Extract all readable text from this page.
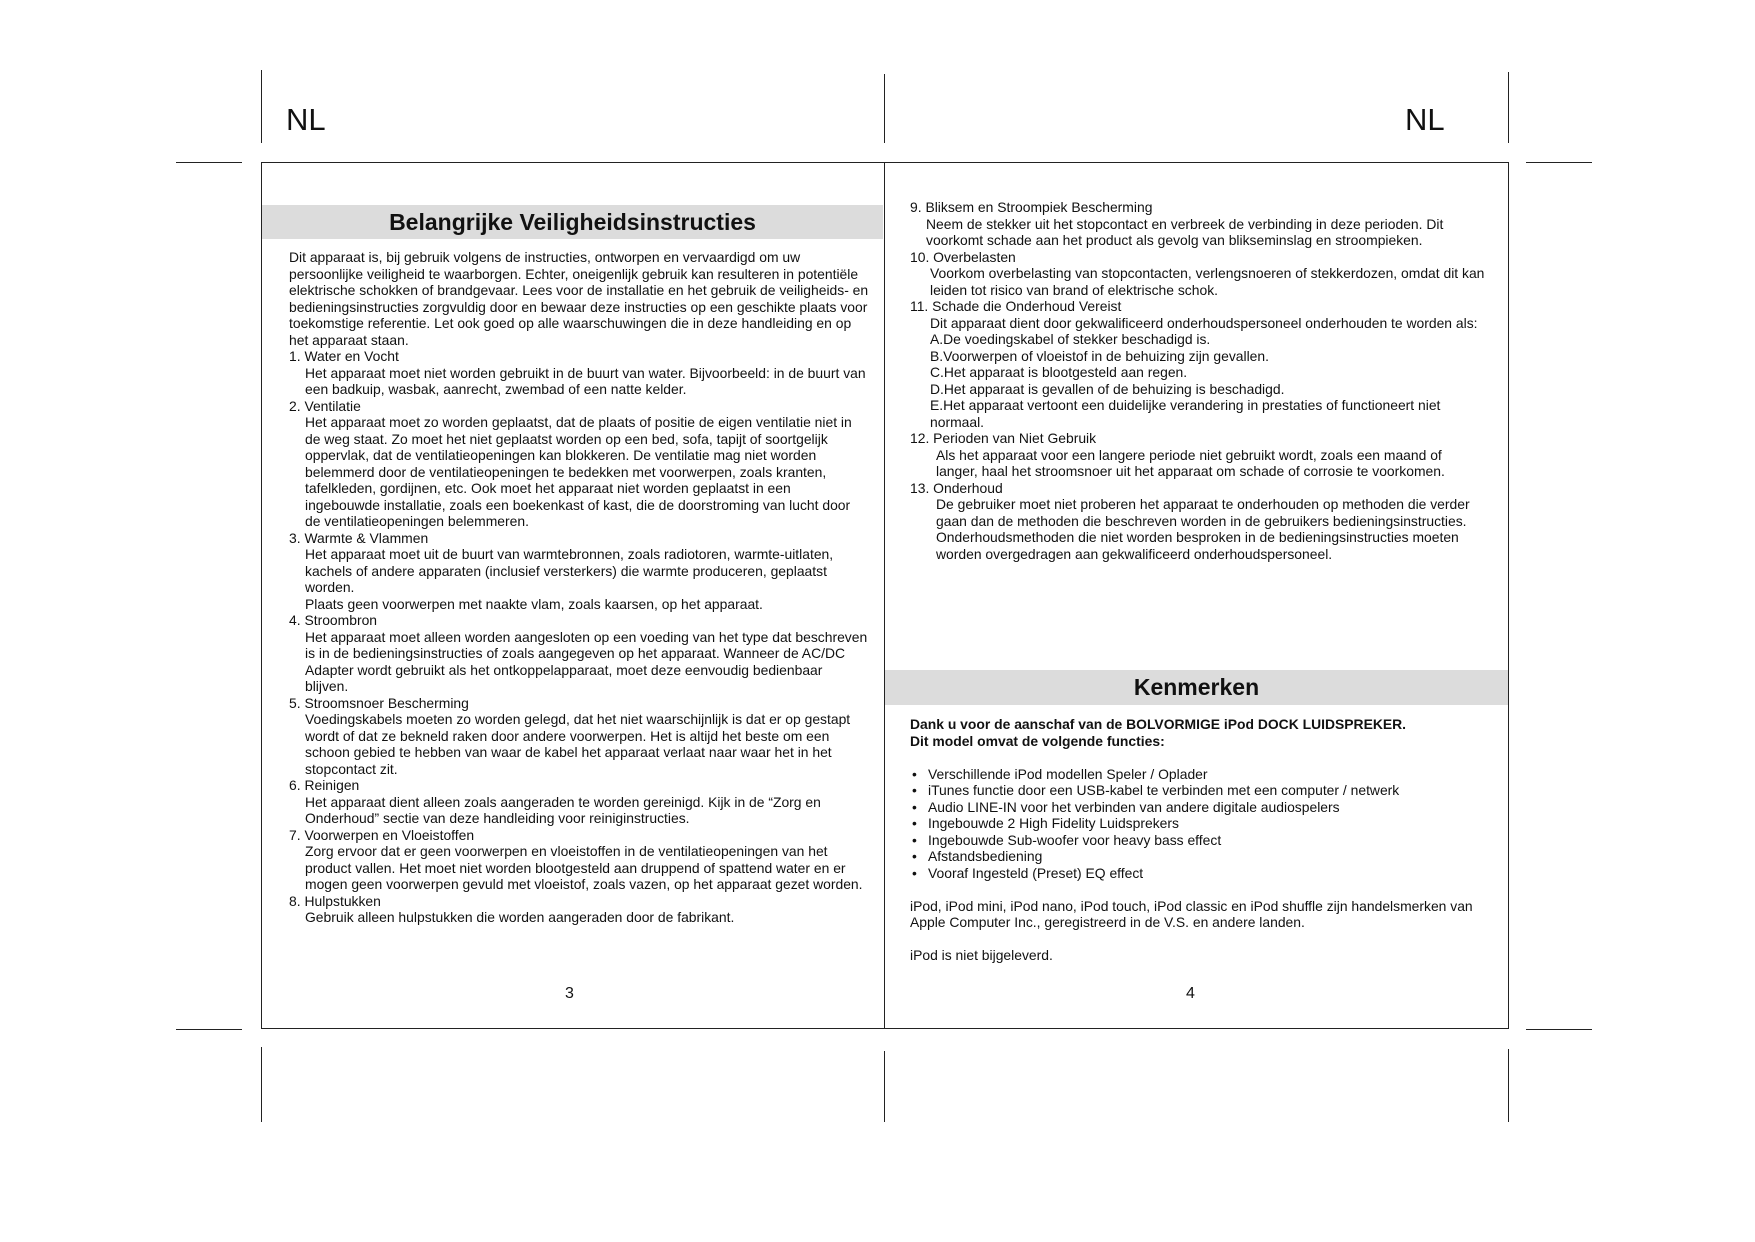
NL	NL
Belangrijke Veiligheidsinstructies

Dit apparaat is, bij gebruik volgens de instructies, ontworpen en vervaardigd om uw persoonlijke veiligheid te waarborgen. Echter, oneigenlijk gebruik kan resulteren in potentiële elektrische schokken of brandgevaar. Lees voor de installatie en het gebruik de veiligheids- en bedieningsinstructies zorgvuldig door en bewaar deze instructies op een geschikte plaats voor toekomstige referentie. Let ook goed op alle waarschuwingen die in deze handleiding en op het apparaat staan.

1. Water en Vocht

Het apparaat moet niet worden gebruikt in de buurt van water. Bijvoorbeeld: in de buurt van een badkuip, wasbak, aanrecht, zwembad of een natte kelder.

2. Ventilatie

Het apparaat moet zo worden geplaatst, dat de plaats of positie de eigen ventilatie niet in de weg staat. Zo moet het niet geplaatst worden op een bed, sofa, tapijt of soortgelijk oppervlak, dat de ventilatieopeningen kan blokkeren. De ventilatie mag niet worden belemmerd door de ventilatieopeningen te bedekken met voorwerpen, zoals kranten, tafelkleden, gordijnen, etc. Ook moet het apparaat niet worden geplaatst in een ingebouwde installatie, zoals een boekenkast of kast, die de doorstroming van lucht door de ventilatieopeningen belemmeren.

3. Warmte & Vlammen

Het apparaat moet uit de buurt van warmtebronnen, zoals radiotoren, warmte-uitlaten, kachels of andere apparaten (inclusief versterkers) die warmte produceren, geplaatst worden.

Plaats geen voorwerpen met naakte vlam, zoals kaarsen, op het apparaat.

4. Stroombron

Het apparaat moet alleen worden aangesloten op een voeding van het type dat beschreven is in de bedieningsinstructies of zoals aangegeven op het apparaat. Wanneer de AC/DC Adapter wordt gebruikt als het ontkoppelapparaat, moet deze eenvoudig bedienbaar blijven.

5. Stroomsnoer Bescherming

Voedingskabels moeten zo worden gelegd, dat het niet waarschijnlijk is dat er op gestapt wordt of dat ze bekneld raken door andere voorwerpen. Het is altijd het beste om een schoon gebied te hebben van waar de kabel het apparaat verlaat naar waar het in het stopcontact zit.

6. Reinigen

Het apparaat dient alleen zoals aangeraden te worden gereinigd. Kijk in de “Zorg en Onderhoud” sectie van deze handleiding voor reiniginstructies.

7. Voorwerpen en Vloeistoffen

Zorg ervoor dat er geen voorwerpen en vloeistoffen in de ventilatieopeningen van het product vallen. Het moet niet worden blootgesteld aan druppend of spattend water en er mogen geen voorwerpen gevuld met vloeistof, zoals vazen, op het apparaat gezet worden.

8. Hulpstukken

Gebruik alleen hulpstukken die worden aangeraden door de fabrikant.

3

9. Bliksem en Stroompiek Bescherming

Neem de stekker uit het stopcontact en verbreek de verbinding in deze perioden. Dit voorkomt schade aan het product als gevolg van blikseminslag en stroompieken.

10. Overbelasten

Voorkom overbelasting van stopcontacten, verlengsnoeren of stekkerdozen, omdat dit kan leiden tot risico van brand of elektrische schok.

11. Schade die Onderhoud Vereist

Dit apparaat dient door gekwalificeerd onderhoudspersoneel onderhouden te worden als:

A.De voedingskabel of stekker beschadigd is.

B.Voorwerpen of vloeistof in de behuizing zijn gevallen.

C.Het apparaat is blootgesteld aan regen.

D.Het apparaat is gevallen of de behuizing is beschadigd.

E.Het apparaat vertoont een duidelijke verandering in prestaties of functioneert niet normaal.

12. Perioden van Niet Gebruik

Als het apparaat voor een langere periode niet gebruikt wordt, zoals een maand of langer, haal het stroomsnoer uit het apparaat om schade of corrosie te voorkomen.

13. Onderhoud

De gebruiker moet niet proberen het apparaat te onderhouden op methoden die verder gaan dan de methoden die beschreven worden in de gebruikers bedieningsinstructies. Onderhoudsmethoden die niet worden besproken in de bedieningsinstructies moeten worden overgedragen aan gekwalificeerd onderhoudspersoneel.

Kenmerken

Dank u voor de aanschaf van de BOLVORMIGE iPod DOCK LUIDSPREKER.

Dit model omvat de volgende functies:

• Verschillende iPod modellen Speler / Oplader
• iTunes functie door een USB-kabel te verbinden met een computer / netwerk
• Audio LINE-IN voor het verbinden van andere digitale audiospelers
• Ingebouwde 2 High Fidelity Luidsprekers
• Ingebouwde Sub-woofer voor heavy bass effect
• Afstandsbediening
• Vooraf Ingesteld (Preset) EQ effect

iPod, iPod mini, iPod nano, iPod touch, iPod classic en iPod shuffle zijn handelsmerken van Apple Computer Inc., geregistreerd in de V.S. en andere landen.

iPod is niet bijgeleverd.

4
